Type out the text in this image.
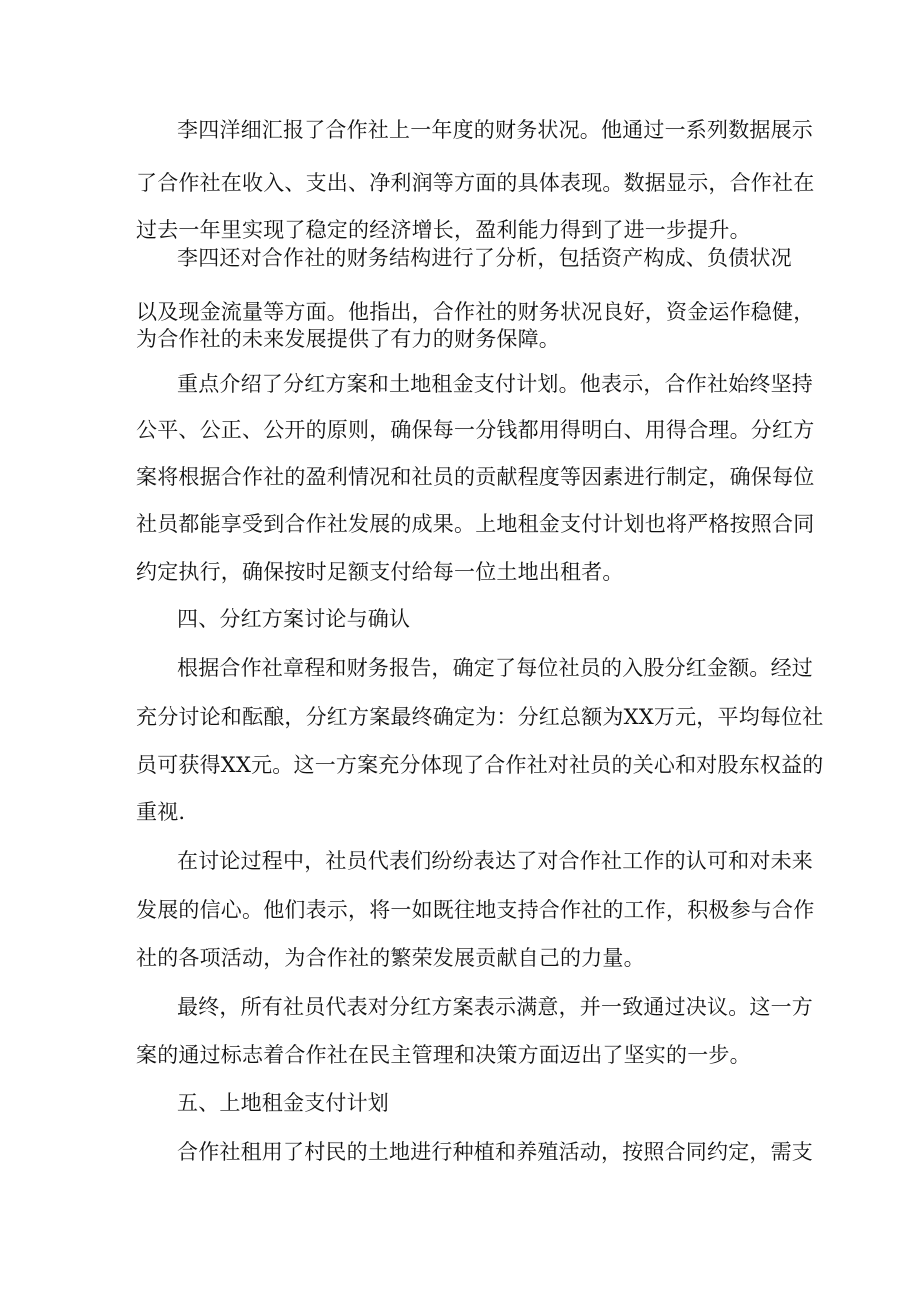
李四洋细汇报了合作社上一年度的财务状况。他通过一系列数据展示
了合作社在收入、支出、净利润等方面的具体表现。数据显示，合作社在
过去一年里实现了稳定的经济增长，盈利能力得到了进一步提升。
李四还对合作社的财务结构进行了分析，包括资产构成、负债状况
以及现金流量等方面。他指出，合作社的财务状况良好，资金运作稳健，
为合作社的未来发展提供了有力的财务保障。
重点介绍了分红方案和土地租金支付计划。他表示，合作社始终坚持
公平、公正、公开的原则，确保每一分钱都用得明白、用得合理。分红方
案将根据合作社的盈利情况和社员的贡献程度等因素进行制定，确保每位
社员都能享受到合作社发展的成果。上地租金支付计划也将严格按照合同
约定执行，确保按时足额支付给每一位土地出租者。
四、分红方案讨论与确认
根据合作社章程和财务报告，确定了每位社员的入股分红金额。经过
充分讨论和酝酿，分红方案最终确定为：分红总额为XX万元，平均每位社
员可获得XX元。这一方案充分体现了合作社对社员的关心和对股东权益的
重视.
在讨论过程中，社员代表们纷纷表达了对合作社工作的认可和对未来
发展的信心。他们表示，将一如既往地支持合作社的工作，积极参与合作
社的各项活动，为合作社的繁荣发展贡献自己的力量。
最终，所有社员代表对分红方案表示满意，并一致通过决议。这一方
案的通过标志着合作社在民主管理和决策方面迈出了坚实的一步。
五、上地租金支付计划
合作社租用了村民的土地进行种植和养殖活动，按照合同约定，需支
